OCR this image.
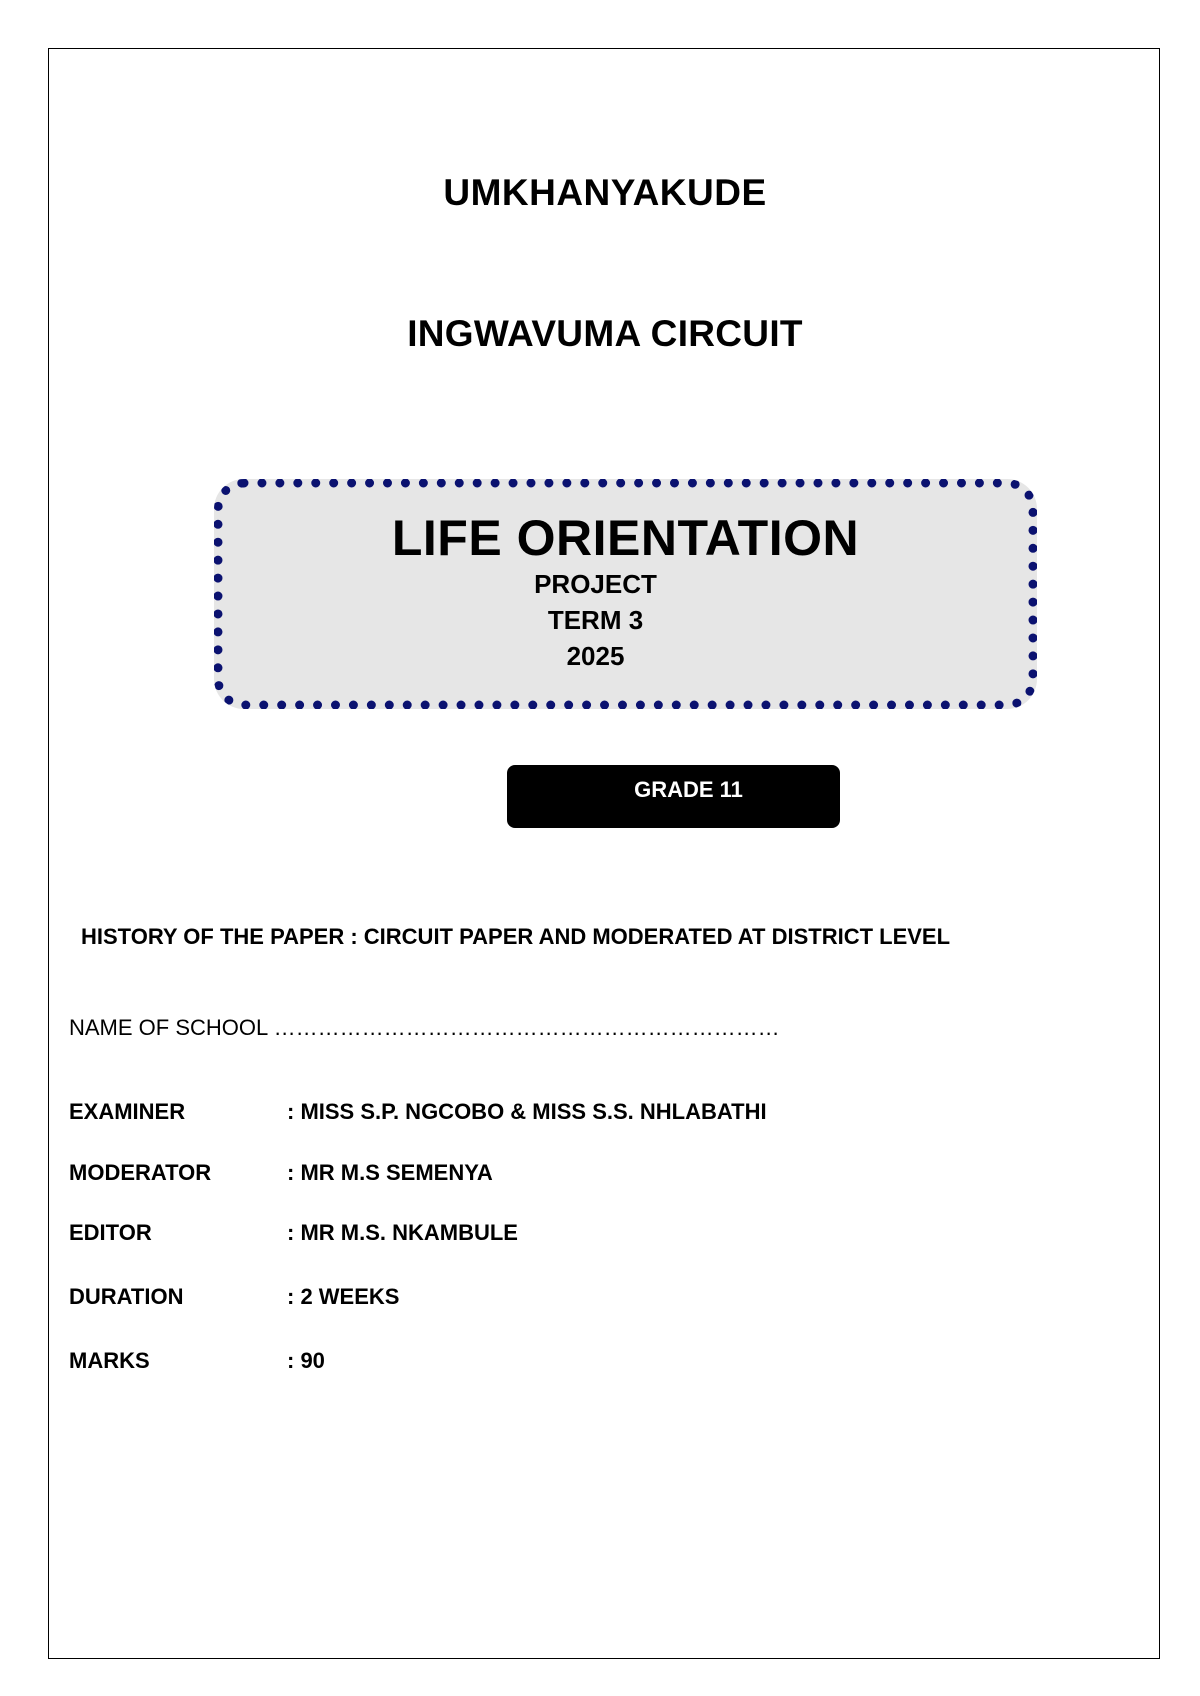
UMKHANYAKUDE
INGWAVUMA CIRCUIT
LIFE ORIENTATION
PROJECT
TERM 3
2025
GRADE 11
HISTORY OF THE PAPER : CIRCUIT PAPER AND MODERATED AT DISTRICT LEVEL
NAME OF SCHOOL ……………………………………………………………
EXAMINER	: MISS S.P. NGCOBO & MISS S.S. NHLABATHI
MODERATOR	: MR M.S SEMENYA
EDITOR	: MR M.S. NKAMBULE
DURATION	: 2 WEEKS
MARKS	: 90
